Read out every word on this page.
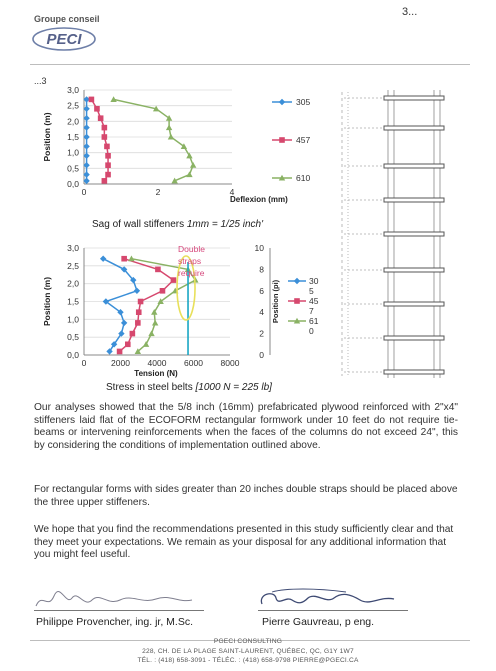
3...
Groupe conseil
PECI
...3
0,0
0,5
1,0
1,5
2,0
2,5
3,0
0	2	4
Position (m)
Deflexion (mm)
305
457
610
Sag of wall stiffeners 1mm = 1/25 inch'
0,0
0,5
1,0
1,5
2,0
2,5
3,0
0	2000 4000 6000 8000
Position (m)
Tension (N)
Double
straps
require
0
2
4
6
8
10
Position (pi)	30
5
45
7
61
0
Stress in steel belts [1000 N = 225 lb]
Our analyses showed that the 5/8 inch (16mm) prefabricated plywood reinforced with 2"x4" stiffeners laid flat of the ECOFORM rectangular formwork under 10 feet do not require tie-beams or intervening reinforcements when the faces of the columns do not exceed 24", this by considering the conditions of implementation outlined above.
For rectangular forms with sides greater than 20 inches double straps should be placed above the three upper stiffeners.
We hope that you find the recommendations presented in this study sufficiently clear and that they meet your expectations. We remain as your disposal for any additional information that you might feel useful.
Philippe Provencher, ing. jr, M.Sc.	Pierre Gauvreau, p eng.
PGECI CONSULTING
228, CH. DE LA PLAGE SAINT-LAURENT, QUÉBEC, QC, G1Y 1W7
TÉL. : (418) 658-3091 - TÉLÉC. : (418) 658-9798 PIERRE@PGECI.CA
